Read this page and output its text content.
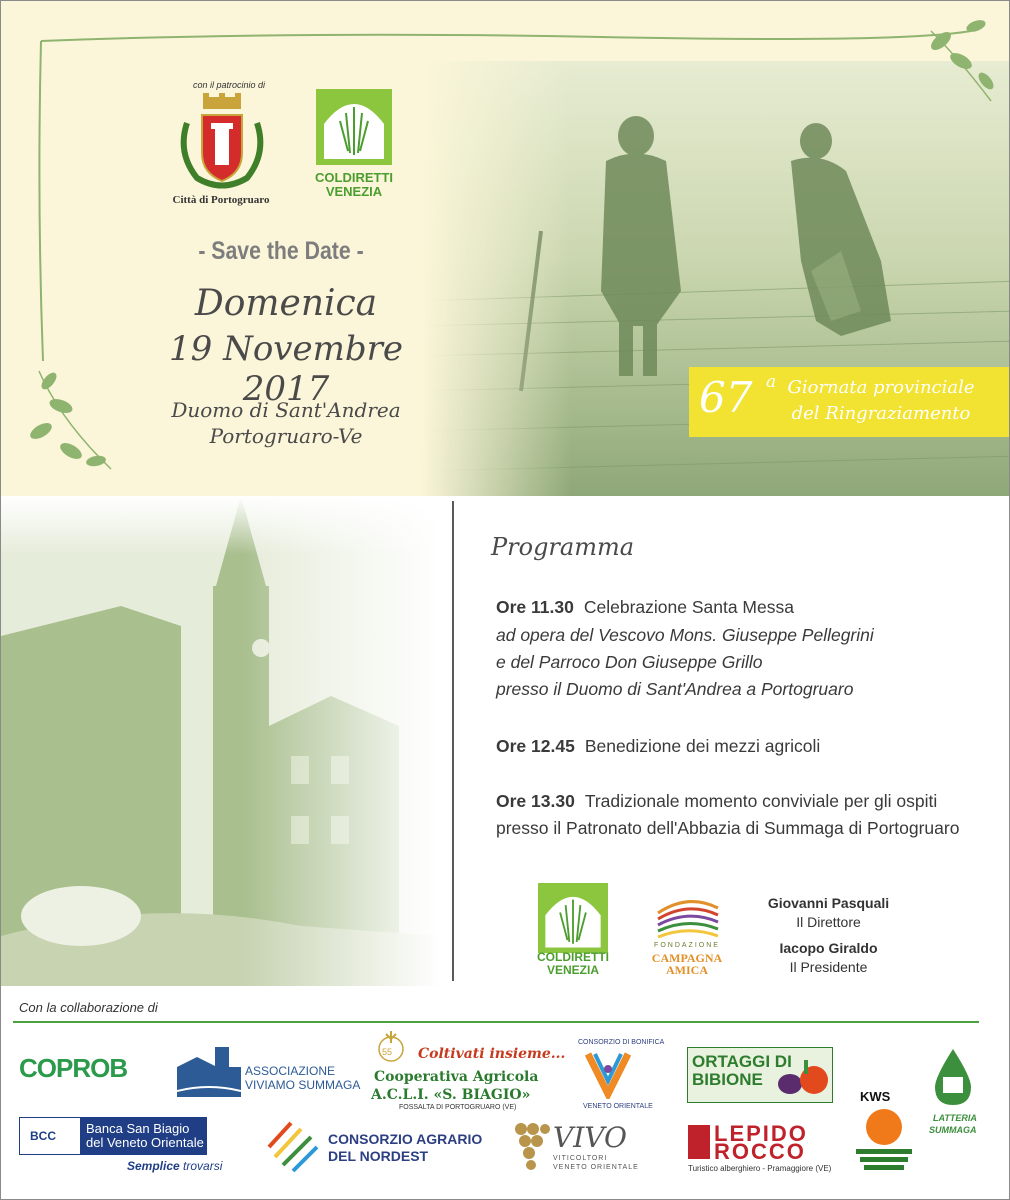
con il patrocinio di
Città di Portogruaro
COLDIRETTI
VENEZIA
- Save the Date -
Domenica
19 Novembre 2017
Duomo di Sant'Andrea
Portogruaro-Ve
67 a Giornata provinciale
del Ringraziamento
Programma
Ore 11.30 Celebrazione Santa Messa
ad opera del Vescovo Mons. Giuseppe Pellegrini
e del Parroco Don Giuseppe Grillo
presso il Duomo di Sant'Andrea a Portogruaro
Ore 12.45 Benedizione dei mezzi agricoli
Ore 13.30 Tradizionale momento conviviale per gli ospiti
presso il Patronato dell'Abbazia di Summaga di Portogruaro
COLDIRETTI
VENEZIA
FONDAZIONE
CAMPAGNA
AMICA
Giovanni Pasquali
Il Direttore
Iacopo Giraldo
Il Presidente
Con la collaborazione di
COPROB	ASSOCIAZIONE
VIVIAMO SUMMAGA
55 Coltivati insieme...
Cooperativa Agricola
A.C.L.I. «S. BIAGIO»
FOSSALTA DI PORTOGRUARO (VE)
CONSORZIO DI BONIFICA
VENETO ORIENTALE
ORTAGGI DI
BIBIONE
KWS
LATTERIA
SUMMAGA
BCC	Banca San Biagio
del Veneto Orientale
Semplice trovarsi
CONSORZIO AGRARIO
DEL NORDEST
VIVO
VITICOLTORI
VENETO ORIENTALE
LEPIDO
ROCCO
Turistico alberghiero - Pramaggiore (VE)
